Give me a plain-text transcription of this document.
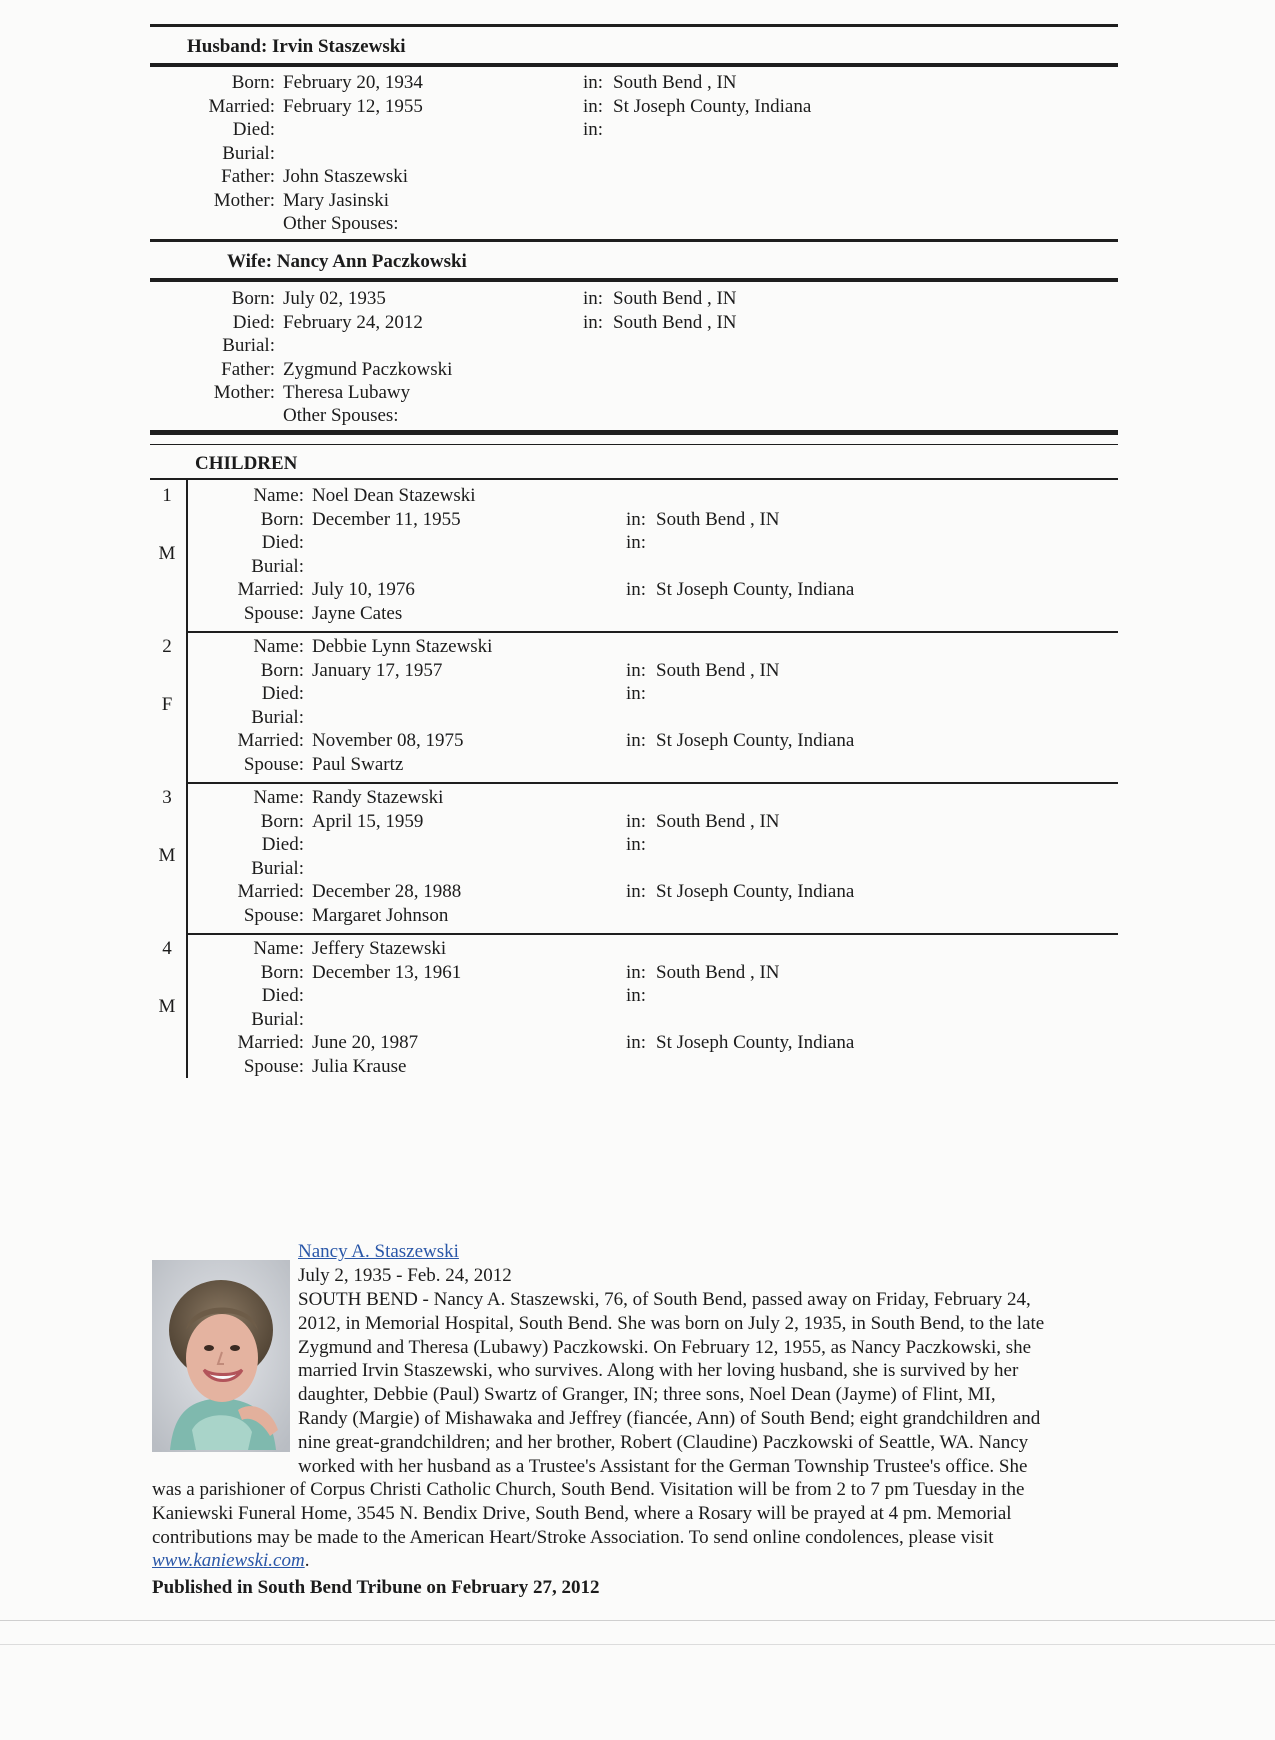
Husband: Irvin Staszewski
Born: February 20, 1934	in: South Bend , IN
Married: February 12, 1955	in: St Joseph County, Indiana
Died:	in:
Burial:
Father: John Staszewski
Mother: Mary Jasinski
Other Spouses:
Wife: Nancy Ann Paczkowski
Born: July 02, 1935	in: South Bend , IN
Died: February 24, 2012	in: South Bend , IN
Burial:
Father: Zygmund Paczkowski
Mother: Theresa Lubawy
Other Spouses:
CHILDREN
1
M
Name: Noel Dean Stazewski
Born: December 11, 1955	in: South Bend , IN
Died:	in:
Burial:
Married: July 10, 1976	in: St Joseph County, Indiana
Spouse: Jayne Cates
2
F
Name: Debbie Lynn Stazewski
Born: January 17, 1957	in: South Bend , IN
Died:	in:
Burial:
Married: November 08, 1975	in: St Joseph County, Indiana
Spouse: Paul Swartz
3
M
Name: Randy Stazewski
Born: April 15, 1959	in: South Bend , IN
Died:	in:
Burial:
Married: December 28, 1988	in: St Joseph County, Indiana
Spouse: Margaret Johnson
4
M
Name: Jeffery Stazewski
Born: December 13, 1961	in: South Bend , IN
Died:	in:
Burial:
Married: June 20, 1987	in: St Joseph County, Indiana
Spouse: Julia Krause
Nancy A. Staszewski
July 2, 1935 - Feb. 24, 2012
SOUTH BEND - Nancy A. Staszewski, 76, of South Bend, passed away on Friday, February 24,
2012, in Memorial Hospital, South Bend. She was born on July 2, 1935, in South Bend, to the late
Zygmund and Theresa (Lubawy) Paczkowski. On February 12, 1955, as Nancy Paczkowski, she
married Irvin Staszewski, who survives. Along with her loving husband, she is survived by her
daughter, Debbie (Paul) Swartz of Granger, IN; three sons, Noel Dean (Jayme) of Flint, MI,
Randy (Margie) of Mishawaka and Jeffrey (fiancée, Ann) of South Bend; eight grandchildren and
nine great-grandchildren; and her brother, Robert (Claudine) Paczkowski of Seattle, WA. Nancy
worked with her husband as a Trustee's Assistant for the German Township Trustee's office. She
was a parishioner of Corpus Christi Catholic Church, South Bend. Visitation will be from 2 to 7 pm Tuesday in the
Kaniewski Funeral Home, 3545 N. Bendix Drive, South Bend, where a Rosary will be prayed at 4 pm. Memorial
contributions may be made to the American Heart/Stroke Association. To send online condolences, please visit
www.kaniewski.com.
Published in South Bend Tribune on February 27, 2012
